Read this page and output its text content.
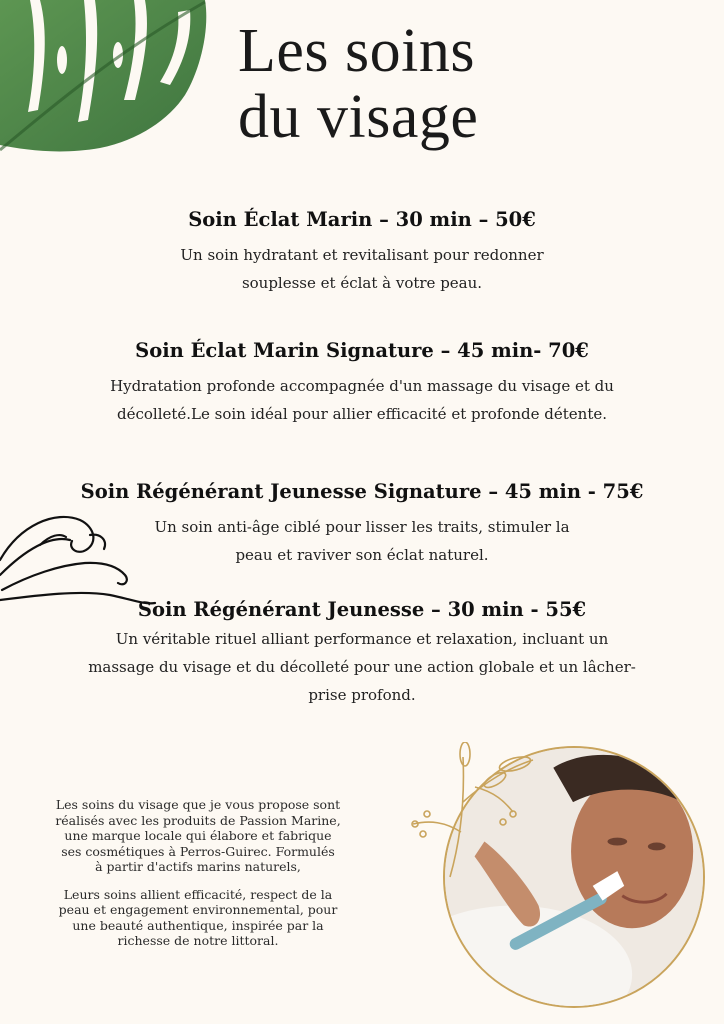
Les soins
du visage
Soin Éclat Marin – 30 min – 50€

Un soin hydratant et revitalisant pour redonner
souplesse et éclat à votre peau.

Soin Éclat Marin Signature – 45 min- 70€

Hydratation profonde accompagnée d'un massage du visage et du
décolleté.Le soin idéal pour allier efficacité et profonde détente.

Soin Régénérant Jeunesse Signature – 45 min - 75€

Un soin anti-âge ciblé pour lisser les traits, stimuler la
peau et raviver son éclat naturel.

Soin Régénérant Jeunesse – 30 min - 55€

Un véritable rituel alliant performance et relaxation, incluant un
massage du visage et du décolleté pour une action globale et un lâcher-
prise profond.

Les soins du visage que je vous propose sont
réalisés avec les produits de Passion Marine,
une marque locale qui élabore et fabrique
ses cosmétiques à Perros-Guirec. Formulés
à partir d'actifs marins naturels,

Leurs soins allient efficacité, respect de la
peau et engagement environnemental, pour
une beauté authentique, inspirée par la
richesse de notre littoral.
